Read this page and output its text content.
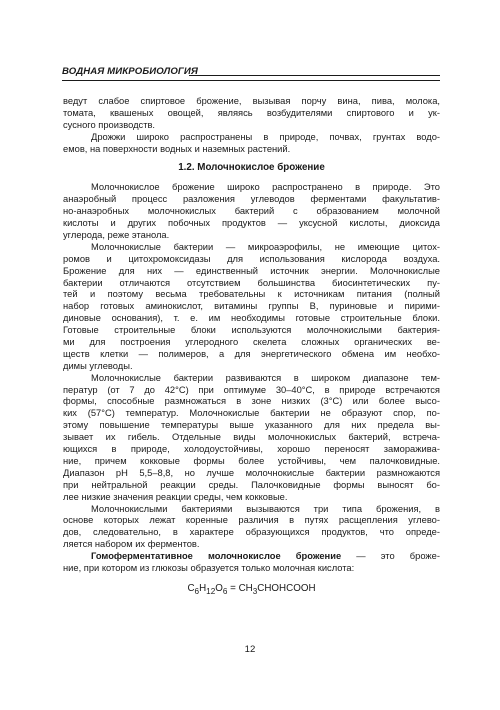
ВОДНАЯ МИКРОБИОЛОГИЯ
ведут слабое спиртовое брожение, вызывая порчу вина, пива, молока,
томата, квашеных овощей, являясь возбудителями спиртового и ук-
сусного производств.
Дрожжи широко распространены в природе, почвах, грунтах водо-
емов, на поверхности водных и наземных растений.
1.2. Молочнокислое брожение
Молочнокислое брожение широко распространено в природе. Это
анаэробный процесс разложения углеводов ферментами факультатив-
но-анаэробных молочнокислых бактерий с образованием молочной
кислоты и других побочных продуктов — уксусной кислоты, диоксида
углерода, реже этанола.
Молочнокислые бактерии — микроаэрофилы, не имеющие цитох-
ромов и цитохромоксидазы для использования кислорода воздуха.
Брожение для них — единственный источник энергии. Молочнокислые
бактерии отличаются отсутствием большинства биосинтетических пу-
тей и поэтому весьма требовательны к источникам питания (полный
набор готовых аминокислот, витамины группы B, пуриновые и пирими-
диновые основания), т. е. им необходимы готовые строительные блоки.
Готовые строительные блоки используются молочнокислыми бактерия-
ми для построения углеродного скелета сложных органических ве-
ществ клетки — полимеров, а для энергетического обмена им необхо-
димы углеводы.
Молочнокислые бактерии развиваются в широком диапазоне тем-
ператур (от 7 до 42°C) при оптимуме 30–40°C, в природе встречаются
формы, способные размножаться в зоне низких (3°C) или более высо-
ких (57°C) температур. Молочнокислые бактерии не образуют спор, по-
этому повышение температуры выше указанного для них предела вы-
зывает их гибель. Отдельные виды молочнокислых бактерий, встреча-
ющихся в природе, холодоустойчивы, хорошо переносят замораживa-
ние, причем кокковые формы более устойчивы, чем палочковидные.
Диапазон pH 5,5–8,8, но лучше молочнокислые бактерии размножаются
при нейтральной реакции среды. Палочковидные формы выносят бо-
лее низкие значения реакции среды, чем кокковые.
Молочнокислыми бактериями вызываются три типа брожения, в
основе которых лежат коренные различия в путях расщепления углево-
дов, следовательно, в характере образующихся продуктов, что опреде-
ляется набором их ферментов.
Гомоферментативное молочнокислое брожение — это броже-
ние, при котором из глюкозы образуется только молочная кислота:
$C_6H_{12}O_6$ = $CH_3CHOHCOOH$
12
